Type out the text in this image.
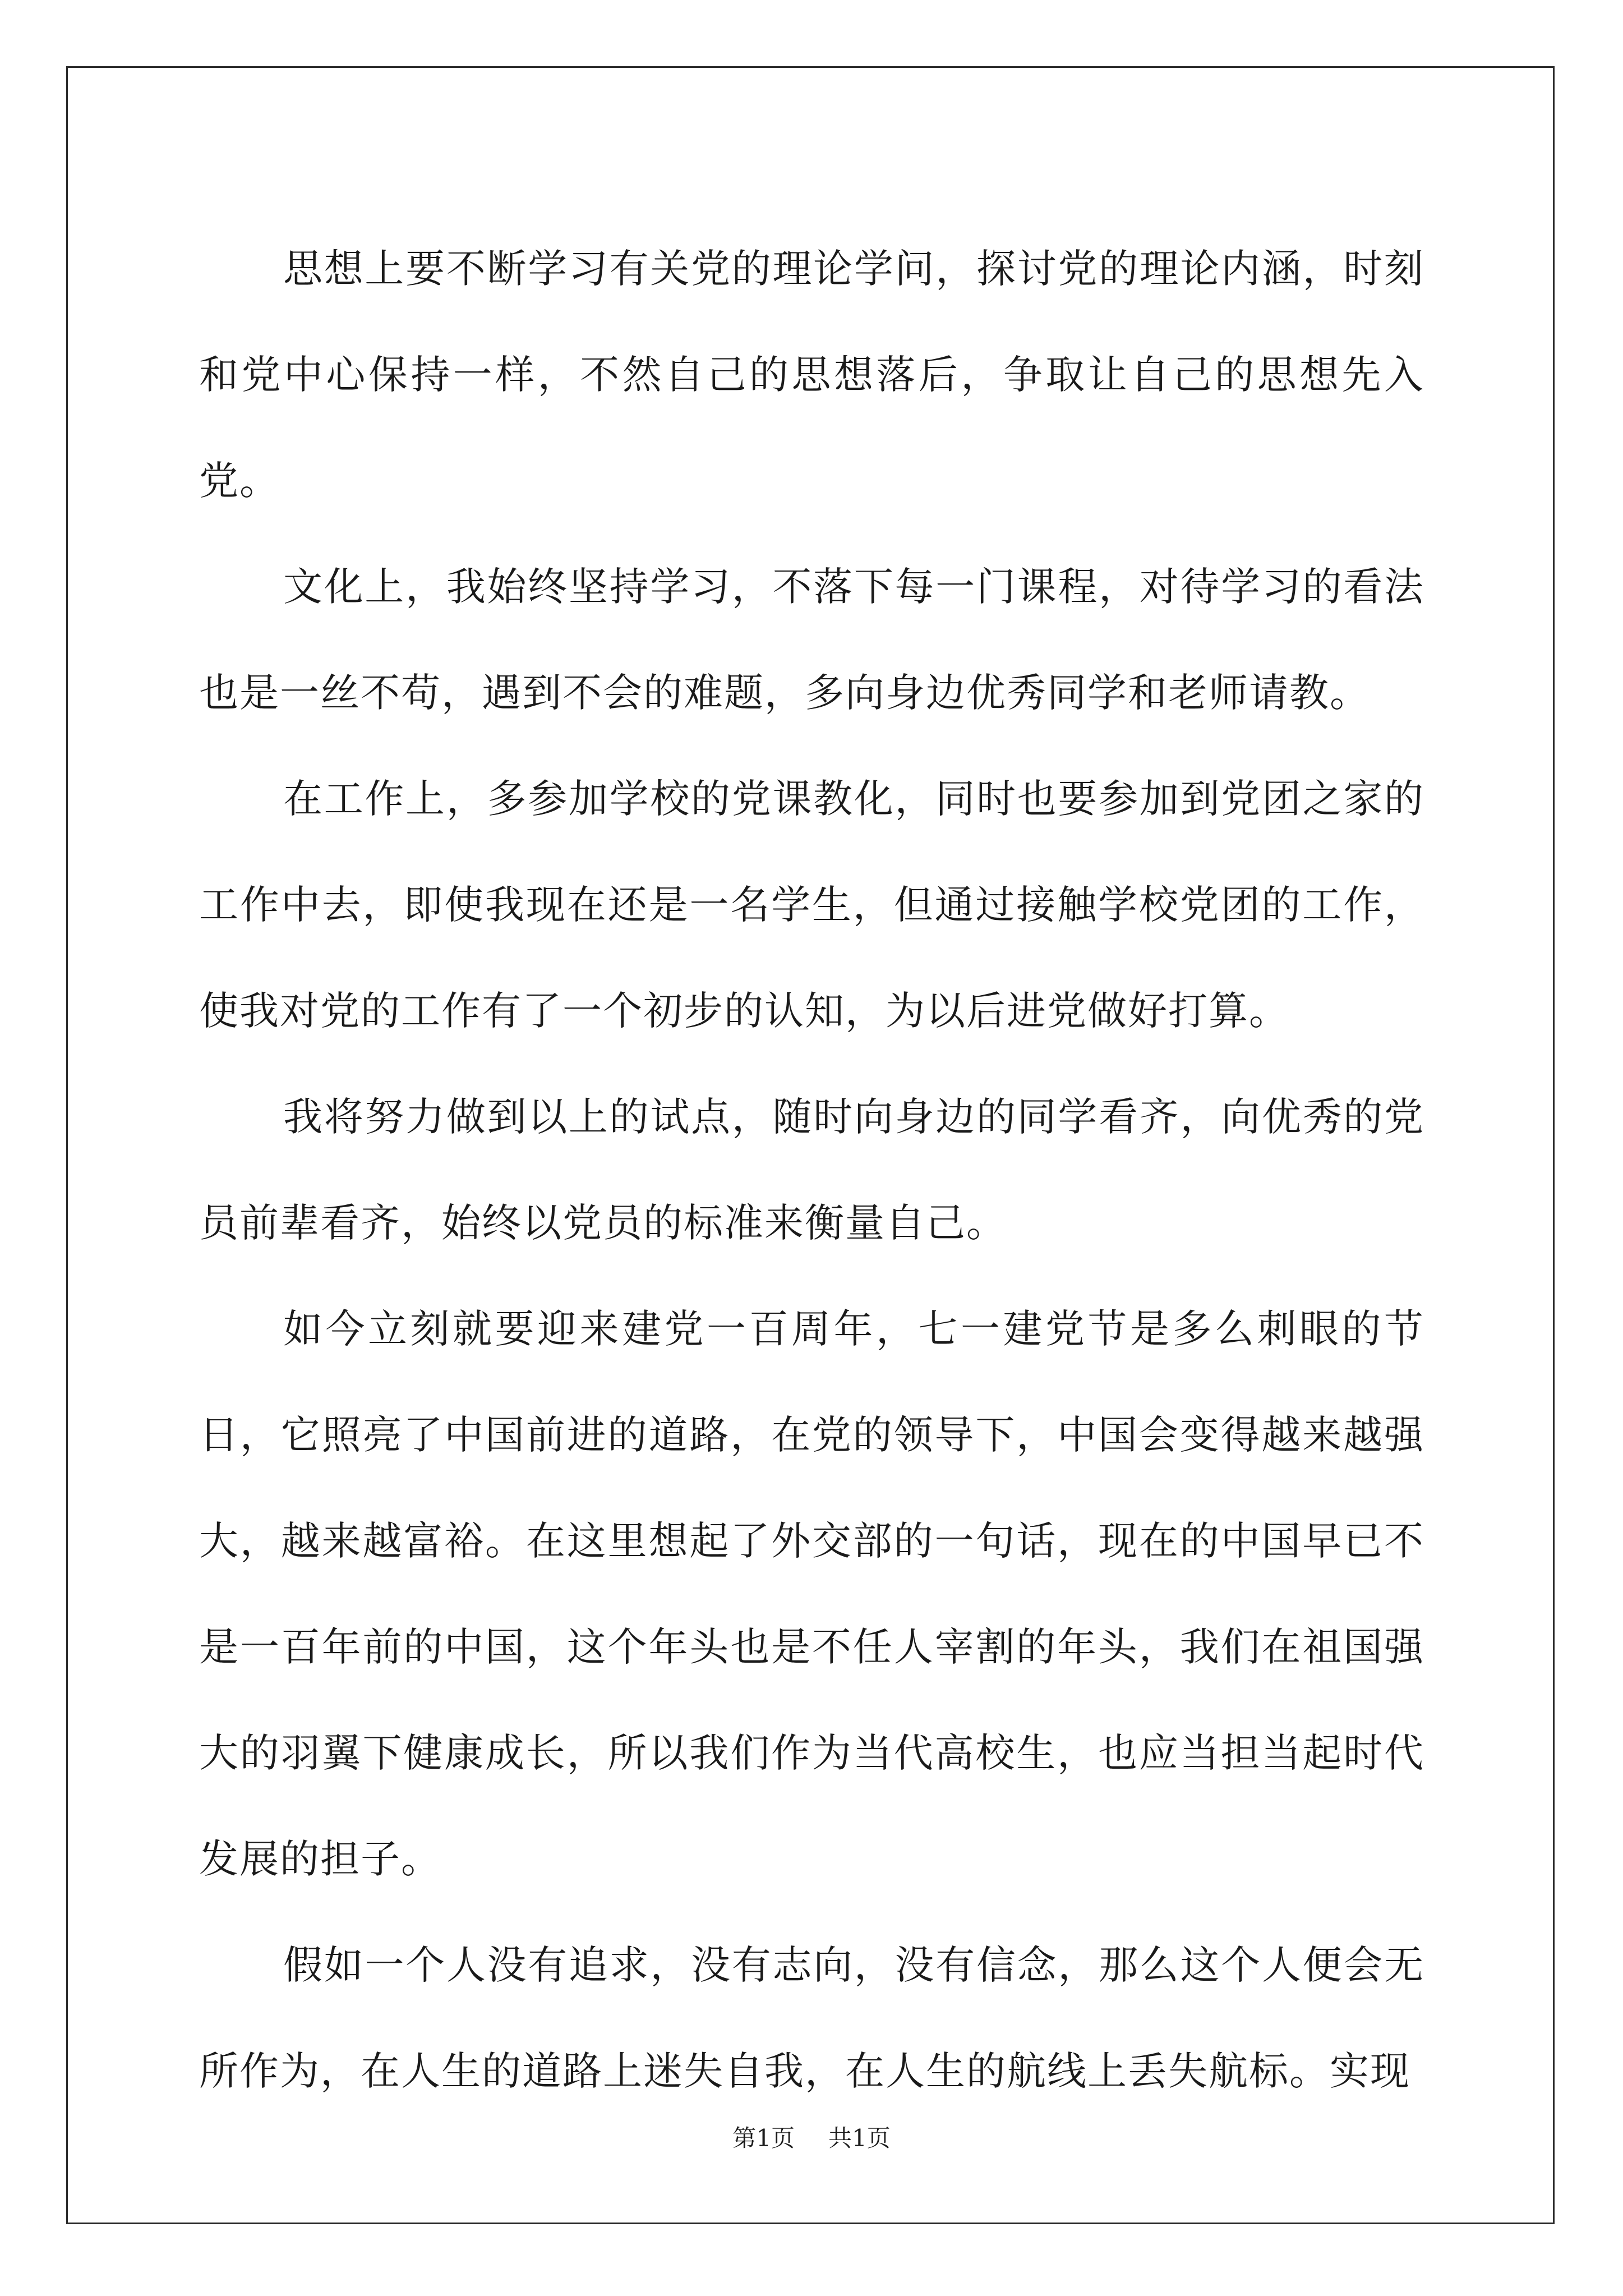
思想上要不断学习有关党的理论学问，探讨党的理论内涵，时刻和党中心保持一样，不然自己的思想落后，争取让自己的思想先入党。

文化上，我始终坚持学习，不落下每一门课程，对待学习的看法也是一丝不苟，遇到不会的难题，多向身边优秀同学和老师请教。

在工作上，多参加学校的党课教化，同时也要参加到党团之家的工作中去，即使我现在还是一名学生，但通过接触学校党团的工作，使我对党的工作有了一个初步的认知，为以后进党做好打算。

我将努力做到以上的试点，随时向身边的同学看齐，向优秀的党员前辈看齐，始终以党员的标准来衡量自己。

如今立刻就要迎来建党一百周年，七一建党节是多么刺眼的节日，它照亮了中国前进的道路，在党的领导下，中国会变得越来越强大，越来越富裕。在这里想起了外交部的一句话，现在的中国早已不是一百年前的中国，这个年头也是不任人宰割的年头，我们在祖国强大的羽翼下健康成长，所以我们作为当代高校生，也应当担当起时代发展的担子。

假如一个人没有追求，没有志向，没有信念，那么这个人便会无所作为，在人生的道路上迷失自我，在人生的航线上丢失航标。实现

第1页 共1页
